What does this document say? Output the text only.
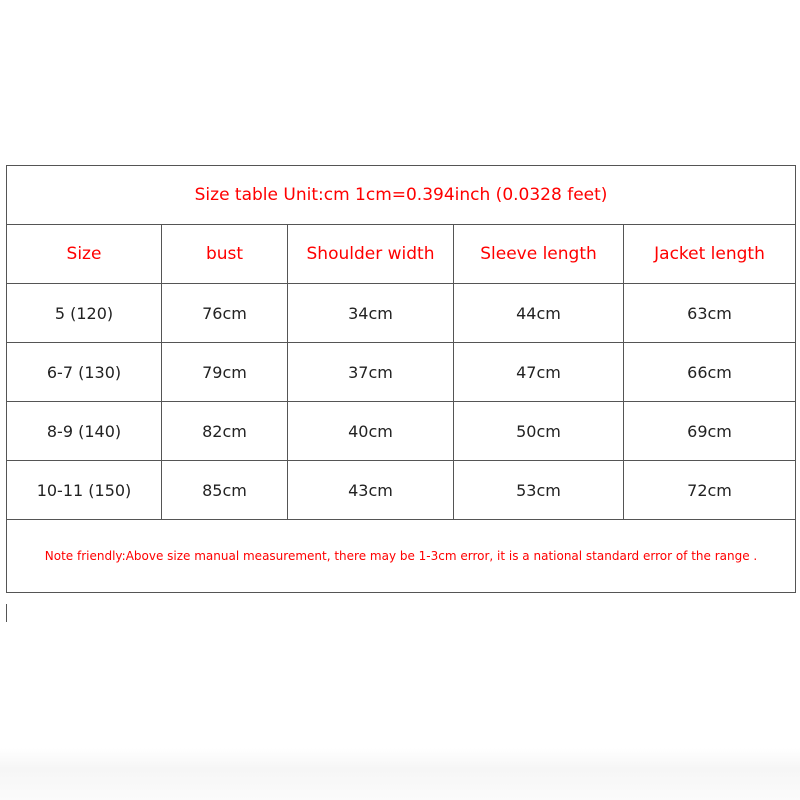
Size table Unit:cm 1cm=0.394inch (0.0328 feet)				
Size	bust	Shoulder width	Sleeve length	Jacket length
5 (120)	76cm	34cm	44cm	63cm
6-7 (130)	79cm	37cm	47cm	66cm
8-9 (140)	82cm	40cm	50cm	69cm
10-11 (150)	85cm	43cm	53cm	72cm
Note friendly:Above size manual measurement, there may be 1-3cm error, it is a national standard error of the range .				
